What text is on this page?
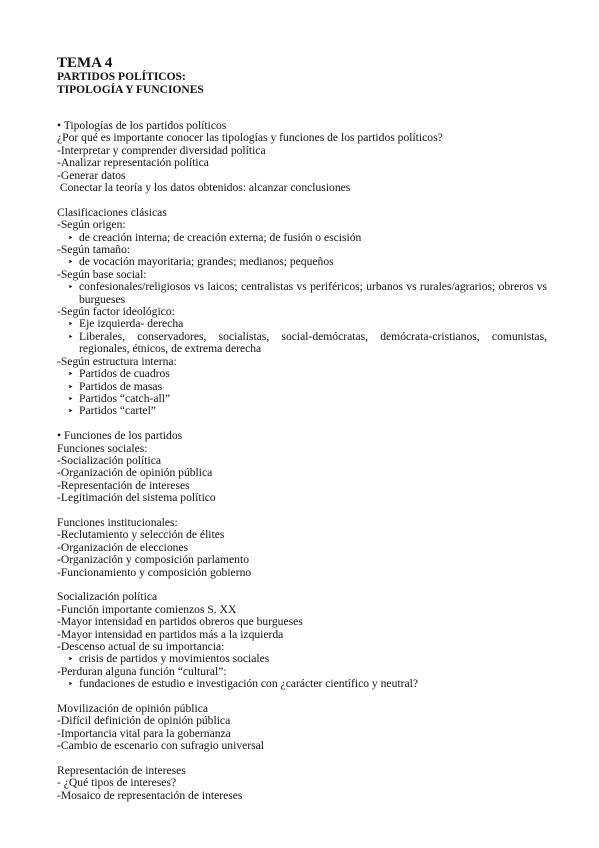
TEMA 4

PARTIDOS POLÍTICOS:

TIPOLOGÍA Y FUNCIONES

• Tipologías de los partidos políticos

¿Por qué es importante conocer las tipologías y funciones de los partidos políticos?

-Interpretar y comprender diversidad política

-Analizar representación política

-Generar datos

Conectar la teoría y los datos obtenidos: alcanzar conclusiones

Clasificaciones clásicas

-Según origen:

‣ de creación interna; de creación externa; de fusión o escisión

-Según tamaño:

‣ de vocación mayoritaria; grandes; medianos; pequeños

-Según base social:

‣ confesionales/religiosos vs laicos; centralistas vs periféricos; urbanos vs rurales/agrarios; obreros vs burgueses

-Según factor ideológico:

‣ Eje izquierda- derecha

‣ Liberales, conservadores, socialistas, social-demócratas, demócrata-cristianos, comunistas, regionales, étnicos, de extrema derecha

-Según estructura interna:

‣ Partidos de cuadros

‣ Partidos de masas

‣ Partidos “catch-all”

‣ Partidos “cartel”

• Funciones de los partidos

Funciones sociales:

-Socialización política

-Organización de opinión pública

-Representación de intereses

-Legitimación del sistema político

Funciones institucionales:

-Reclutamiento y selección de élites

-Organización de elecciones

-Organización y composición parlamento

-Funcionamiento y composición gobierno

Socialización política

-Función importante comienzos S. XX

-Mayor intensidad en partidos obreros que burgueses

-Mayor intensidad en partidos más a la izquierda

-Descenso actual de su importancia:

‣ crisis de partidos y movimientos sociales

-Perduran alguna función “cultural”:

‣ fundaciones de estudio e investigación con ¿carácter científico y neutral?

Movilización de opinión pública

-Difícil definición de opinión pública

-Importancia vital para la gobernanza

-Cambio de escenario con sufragio universal

Representación de intereses

- ¿Qué tipos de intereses?

-Mosaico de representación de intereses
